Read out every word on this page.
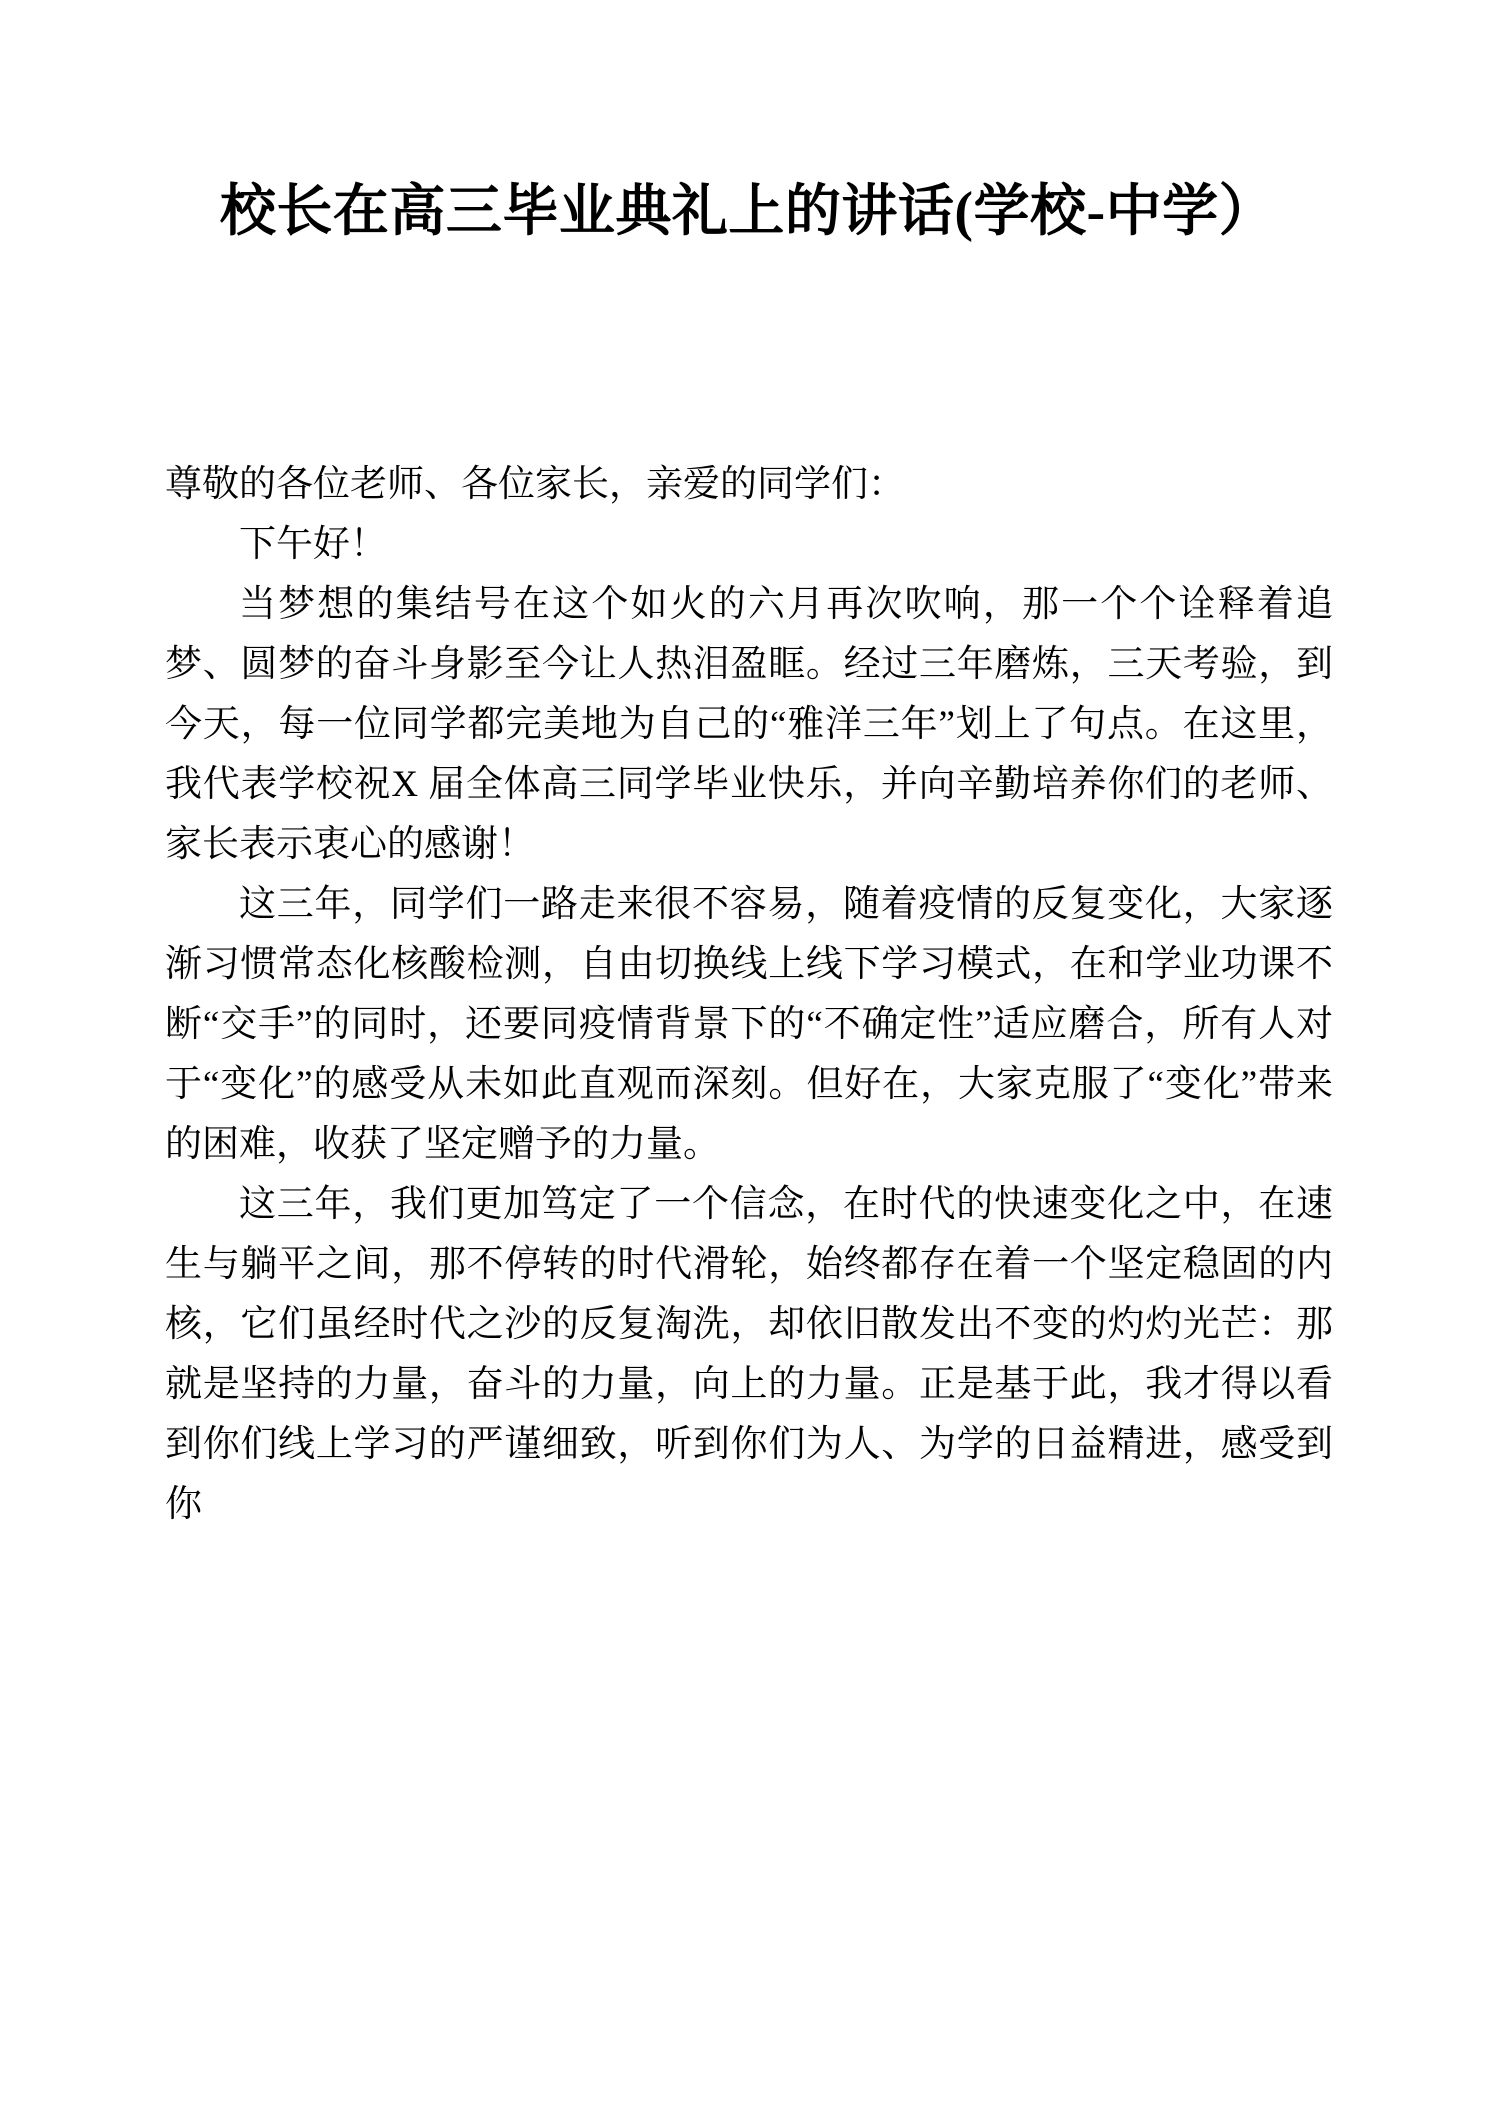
校长在高三毕业典礼上的讲话(学校-中学）

尊敬的各位老师、各位家长，亲爱的同学们：

下午好！

当梦想的集结号在这个如火的六月再次吹响，那一个个诠释着追梦、圆梦的奋斗身影至今让人热泪盈眶。经过三年磨炼，三天考验，到今天，每一位同学都完美地为自己的“雅洋三年”划上了句点。在这里，我代表学校祝X 届全体高三同学毕业快乐，并向辛勤培养你们的老师、家长表示衷心的感谢！

这三年，同学们一路走来很不容易，随着疫情的反复变化，大家逐渐习惯常态化核酸检测，自由切换线上线下学习模式，在和学业功课不断“交手”的同时，还要同疫情背景下的“不确定性”适应磨合，所有人对于“变化”的感受从未如此直观而深刻。但好在，大家克服了“变化”带来的困难，收获了坚定赠予的力量。

这三年，我们更加笃定了一个信念，在时代的快速变化之中，在速生与躺平之间，那不停转的时代滑轮，始终都存在着一个坚定稳固的内核，它们虽经时代之沙的反复淘洗，却依旧散发出不变的灼灼光芒：那就是坚持的力量，奋斗的力量，向上的力量。正是基于此，我才得以看到你们线上学习的严谨细致，听到你们为人、为学的日益精进，感受到你
